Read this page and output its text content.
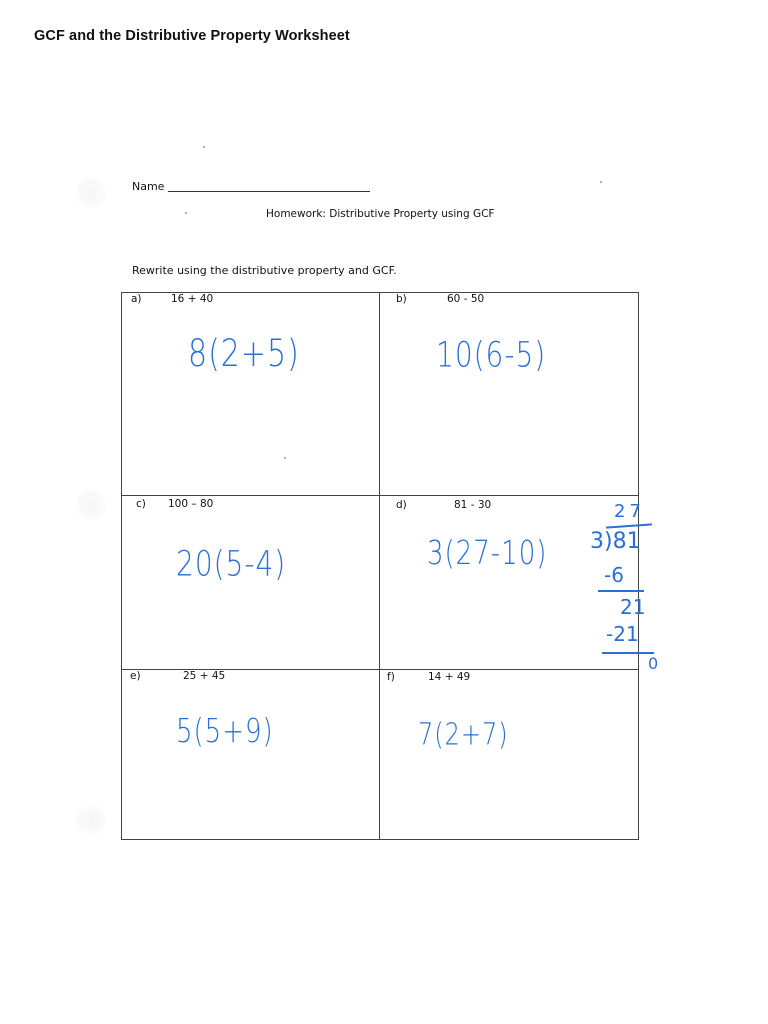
GCF and the Distributive Property Worksheet
Name
Homework: Distributive Property using GCF
Rewrite using the distributive property and GCF.
a)	16 + 40
8(2+5)
b)	60 - 50
10(6-5)
c) 100 – 80
20(5-4)
d)	81 - 30
3(27-10)
e)	25 + 45
5(5+9)
f)	14 + 49
7(2+7)
27
3)81
-6
21
-21
0
